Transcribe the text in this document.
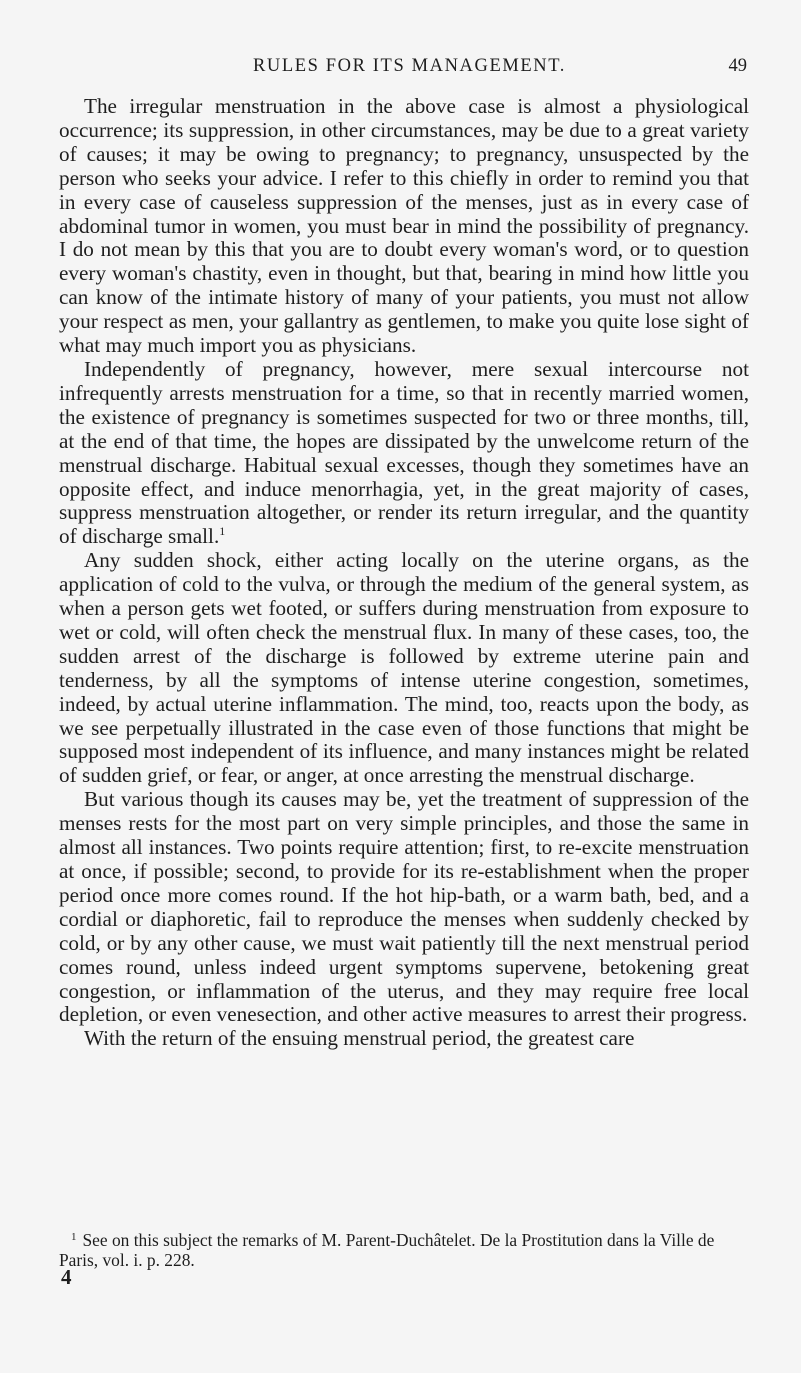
RULES FOR ITS MANAGEMENT.	49

The irregular menstruation in the above case is almost a physiological occurrence; its suppression, in other circumstances, may be due to a great variety of causes; it may be owing to pregnancy; to pregnancy, unsuspected by the person who seeks your advice. I refer to this chiefly in order to remind you that in every case of causeless suppression of the menses, just as in every case of abdominal tumor in women, you must bear in mind the possibility of pregnancy. I do not mean by this that you are to doubt every woman's word, or to question every woman's chastity, even in thought, but that, bearing in mind how little you can know of the intimate history of many of your patients, you must not allow your respect as men, your gallantry as gentlemen, to make you quite lose sight of what may much import you as physicians.

Independently of pregnancy, however, mere sexual intercourse not infrequently arrests menstruation for a time, so that in recently married women, the existence of pregnancy is sometimes suspected for two or three months, till, at the end of that time, the hopes are dissipated by the unwelcome return of the menstrual discharge. Habitual sexual excesses, though they sometimes have an opposite effect, and induce menorrhagia, yet, in the great majority of cases, suppress menstruation altogether, or render its return irregular, and the quantity of discharge small.$^1$

Any sudden shock, either acting locally on the uterine organs, as the application of cold to the vulva, or through the medium of the general system, as when a person gets wet footed, or suffers during menstruation from exposure to wet or cold, will often check the menstrual flux. In many of these cases, too, the sudden arrest of the discharge is followed by extreme uterine pain and tenderness, by all the symptoms of intense uterine congestion, sometimes, indeed, by actual uterine inflammation. The mind, too, reacts upon the body, as we see perpetually illustrated in the case even of those functions that might be supposed most independent of its influence, and many instances might be related of sudden grief, or fear, or anger, at once arresting the menstrual discharge.

But various though its causes may be, yet the treatment of suppression of the menses rests for the most part on very simple principles, and those the same in almost all instances. Two points require attention; first, to re-excite menstruation at once, if possible; second, to provide for its re-establishment when the proper period once more comes round. If the hot hip-bath, or a warm bath, bed, and a cordial or diaphoretic, fail to reproduce the menses when suddenly checked by cold, or by any other cause, we must wait patiently till the next menstrual period comes round, unless indeed urgent symptoms supervene, betokening great congestion, or inflammation of the uterus, and they may require free local depletion, or even venesection, and other active measures to arrest their progress.

With the return of the ensuing menstrual period, the greatest care

$^1$ See on this subject the remarks of M. Parent-Duchâtelet. De la Prostitution dans la Ville de Paris, vol. i. p. 228.
4
